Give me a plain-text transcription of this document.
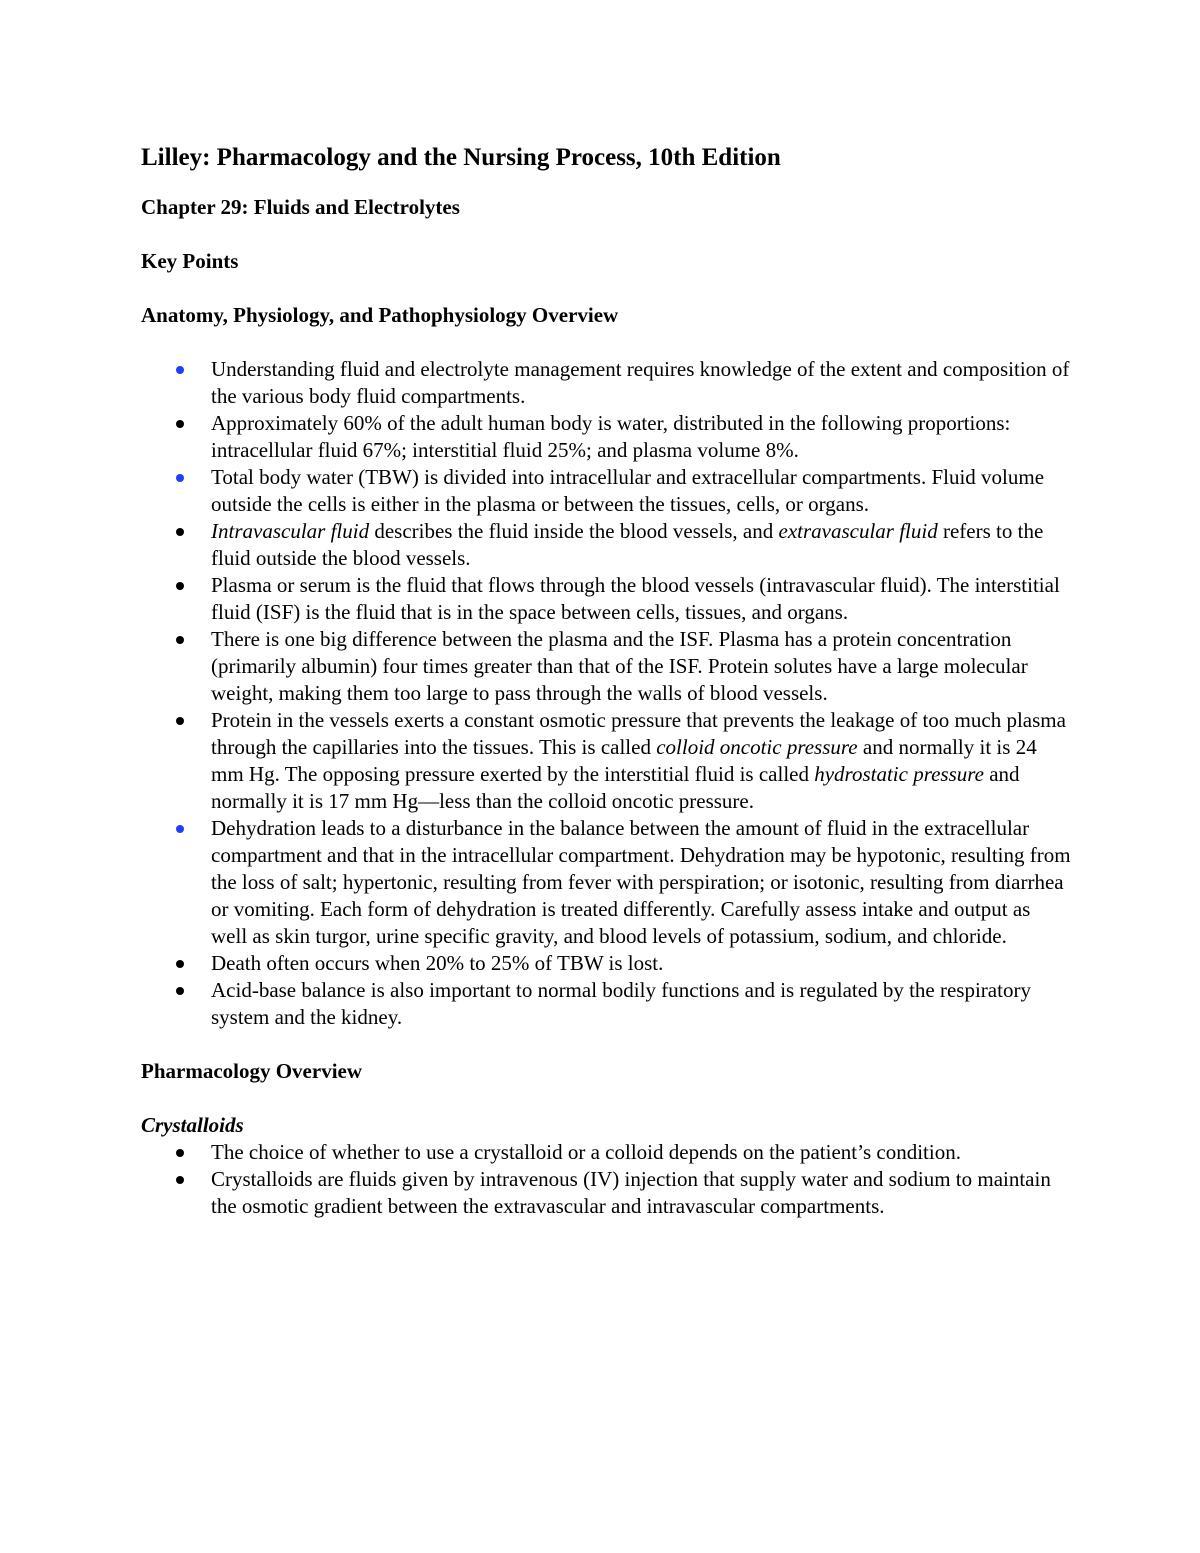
Lilley: Pharmacology and the Nursing Process, 10th Edition
Chapter 29: Fluids and Electrolytes
Key Points
Anatomy, Physiology, and Pathophysiology Overview
Understanding fluid and electrolyte management requires knowledge of the extent and composition of the various body fluid compartments.
Approximately 60% of the adult human body is water, distributed in the following proportions: intracellular fluid 67%; interstitial fluid 25%; and plasma volume 8%.
Total body water (TBW) is divided into intracellular and extracellular compartments. Fluid volume outside the cells is either in the plasma or between the tissues, cells, or organs.
Intravascular fluid describes the fluid inside the blood vessels, and extravascular fluid refers to the fluid outside the blood vessels.
Plasma or serum is the fluid that flows through the blood vessels (intravascular fluid). The interstitial fluid (ISF) is the fluid that is in the space between cells, tissues, and organs.
There is one big difference between the plasma and the ISF. Plasma has a protein concentration (primarily albumin) four times greater than that of the ISF. Protein solutes have a large molecular weight, making them too large to pass through the walls of blood vessels.
Protein in the vessels exerts a constant osmotic pressure that prevents the leakage of too much plasma through the capillaries into the tissues. This is called colloid oncotic pressure and normally it is 24 mm Hg. The opposing pressure exerted by the interstitial fluid is called hydrostatic pressure and normally it is 17 mm Hg—less than the colloid oncotic pressure.
Dehydration leads to a disturbance in the balance between the amount of fluid in the extracellular compartment and that in the intracellular compartment. Dehydration may be hypotonic, resulting from the loss of salt; hypertonic, resulting from fever with perspiration; or isotonic, resulting from diarrhea or vomiting. Each form of dehydration is treated differently. Carefully assess intake and output as well as skin turgor, urine specific gravity, and blood levels of potassium, sodium, and chloride.
Death often occurs when 20% to 25% of TBW is lost.
Acid-base balance is also important to normal bodily functions and is regulated by the respiratory system and the kidney.
Pharmacology Overview
Crystalloids
The choice of whether to use a crystalloid or a colloid depends on the patient’s condition.
Crystalloids are fluids given by intravenous (IV) injection that supply water and sodium to maintain the osmotic gradient between the extravascular and intravascular compartments.
